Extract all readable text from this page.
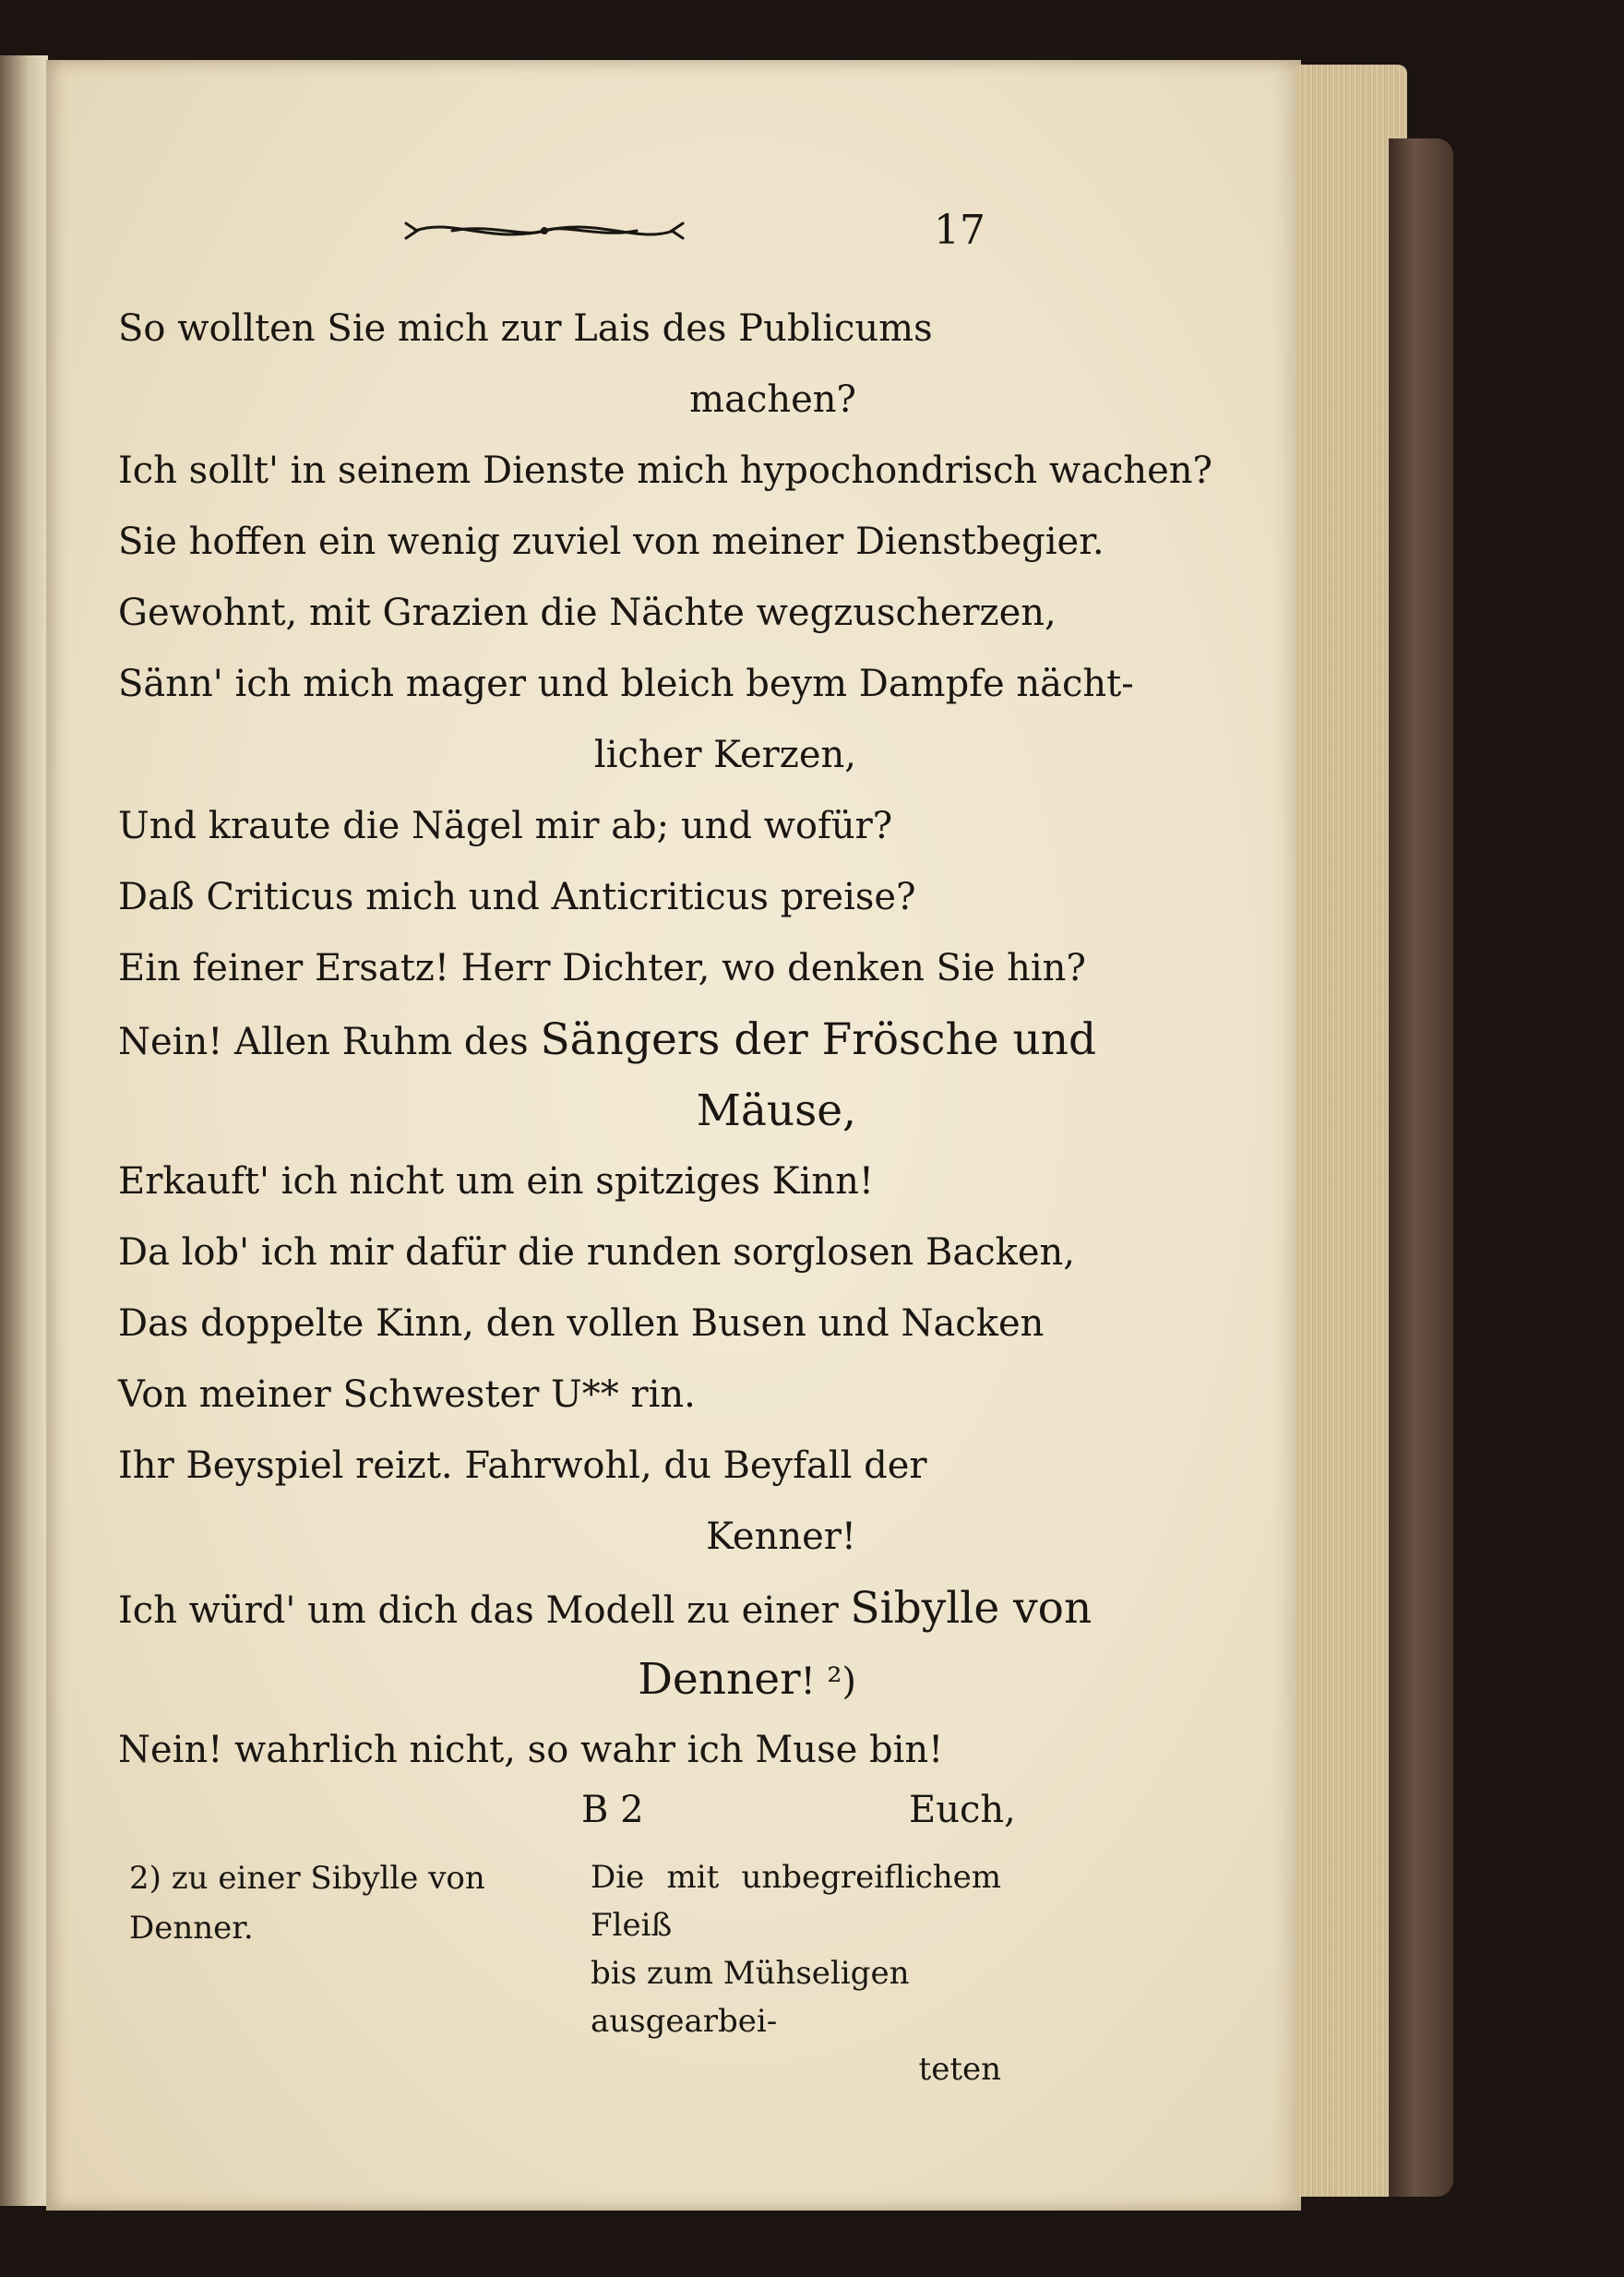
17
So wollten Sie mich zur Lais des Publicums
machen?
Ich sollt' in seinem Dienste mich hypochondrisch wachen?
Sie hoffen ein wenig zuviel von meiner Dienstbegier.
Gewohnt, mit Grazien die Nächte wegzuscherzen,
Sänn' ich mich mager und bleich beym Dampfe nächt-
licher Kerzen,
Und kraute die Nägel mir ab; und wofür?
Daß Criticus mich und Anticriticus preise?
Ein feiner Ersatz! Herr Dichter, wo denken Sie hin?
Nein! Allen Ruhm des Sängers der Frösche und
Mäuse,
Erkauft' ich nicht um ein spitziges Kinn!
Da lob' ich mir dafür die runden sorglosen Backen,
Das doppelte Kinn, den vollen Busen und Nacken
Von meiner Schwester U** rin.
Ihr Beyspiel reizt. Fahrwohl, du Beyfall der
Kenner!
Ich würd' um dich das Modell zu einer Sibylle von
Denner! ²)
Nein! wahrlich nicht, so wahr ich Muse bin!
B 2	Euch,
2) zu einer Sibylle von Denner.
Die mit unbegreiflichem Fleiß
bis zum Mühseligen ausgearbei-
teten
